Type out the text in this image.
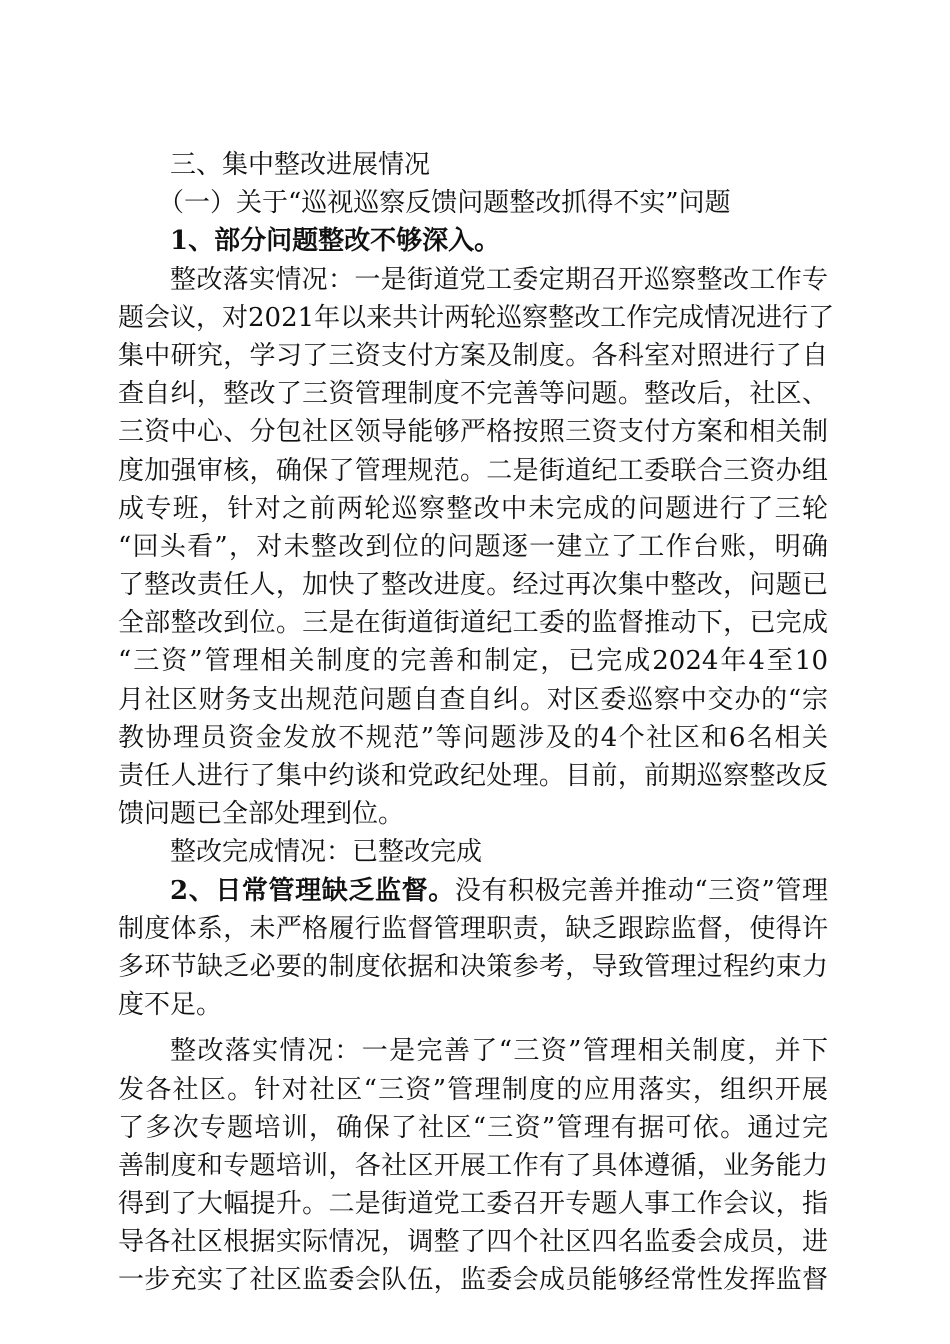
三、集中整改进展情况
（一）关于“巡视巡察反馈问题整改抓得不实”问题
1、部分问题整改不够深入。
整改落实情况：一是街道党工委定期召开巡察整改工作专
题会议，对2021年以来共计两轮巡察整改工作完成情况进行了
集中研究，学习了三资支付方案及制度。各科室对照进行了自
查自纠，整改了三资管理制度不完善等问题。整改后，社区、
三资中心、分包社区领导能够严格按照三资支付方案和相关制
度加强审核，确保了管理规范。二是街道纪工委联合三资办组
成专班，针对之前两轮巡察整改中未完成的问题进行了三轮
“回头看”，对未整改到位的问题逐一建立了工作台账，明确
了整改责任人，加快了整改进度。经过再次集中整改，问题已
全部整改到位。三是在街道街道纪工委的监督推动下，已完成
“三资”管理相关制度的完善和制定，已完成2024年4至10
月社区财务支出规范问题自查自纠。对区委巡察中交办的“宗
教协理员资金发放不规范”等问题涉及的4个社区和6名相关
责任人进行了集中约谈和党政纪处理。目前，前期巡察整改反
馈问题已全部处理到位。
整改完成情况：已整改完成
2、日常管理缺乏监督。没有积极完善并推动“三资”管理
制度体系，未严格履行监督管理职责，缺乏跟踪监督，使得许
多环节缺乏必要的制度依据和决策参考，导致管理过程约束力
度不足。
整改落实情况：一是完善了“三资”管理相关制度，并下
发各社区。针对社区“三资”管理制度的应用落实，组织开展
了多次专题培训，确保了社区“三资”管理有据可依。通过完
善制度和专题培训，各社区开展工作有了具体遵循，业务能力
得到了大幅提升。二是街道党工委召开专题人事工作会议，指
导各社区根据实际情况，调整了四个社区四名监委会成员，进
一步充实了社区监委会队伍，监委会成员能够经常性发挥监督
